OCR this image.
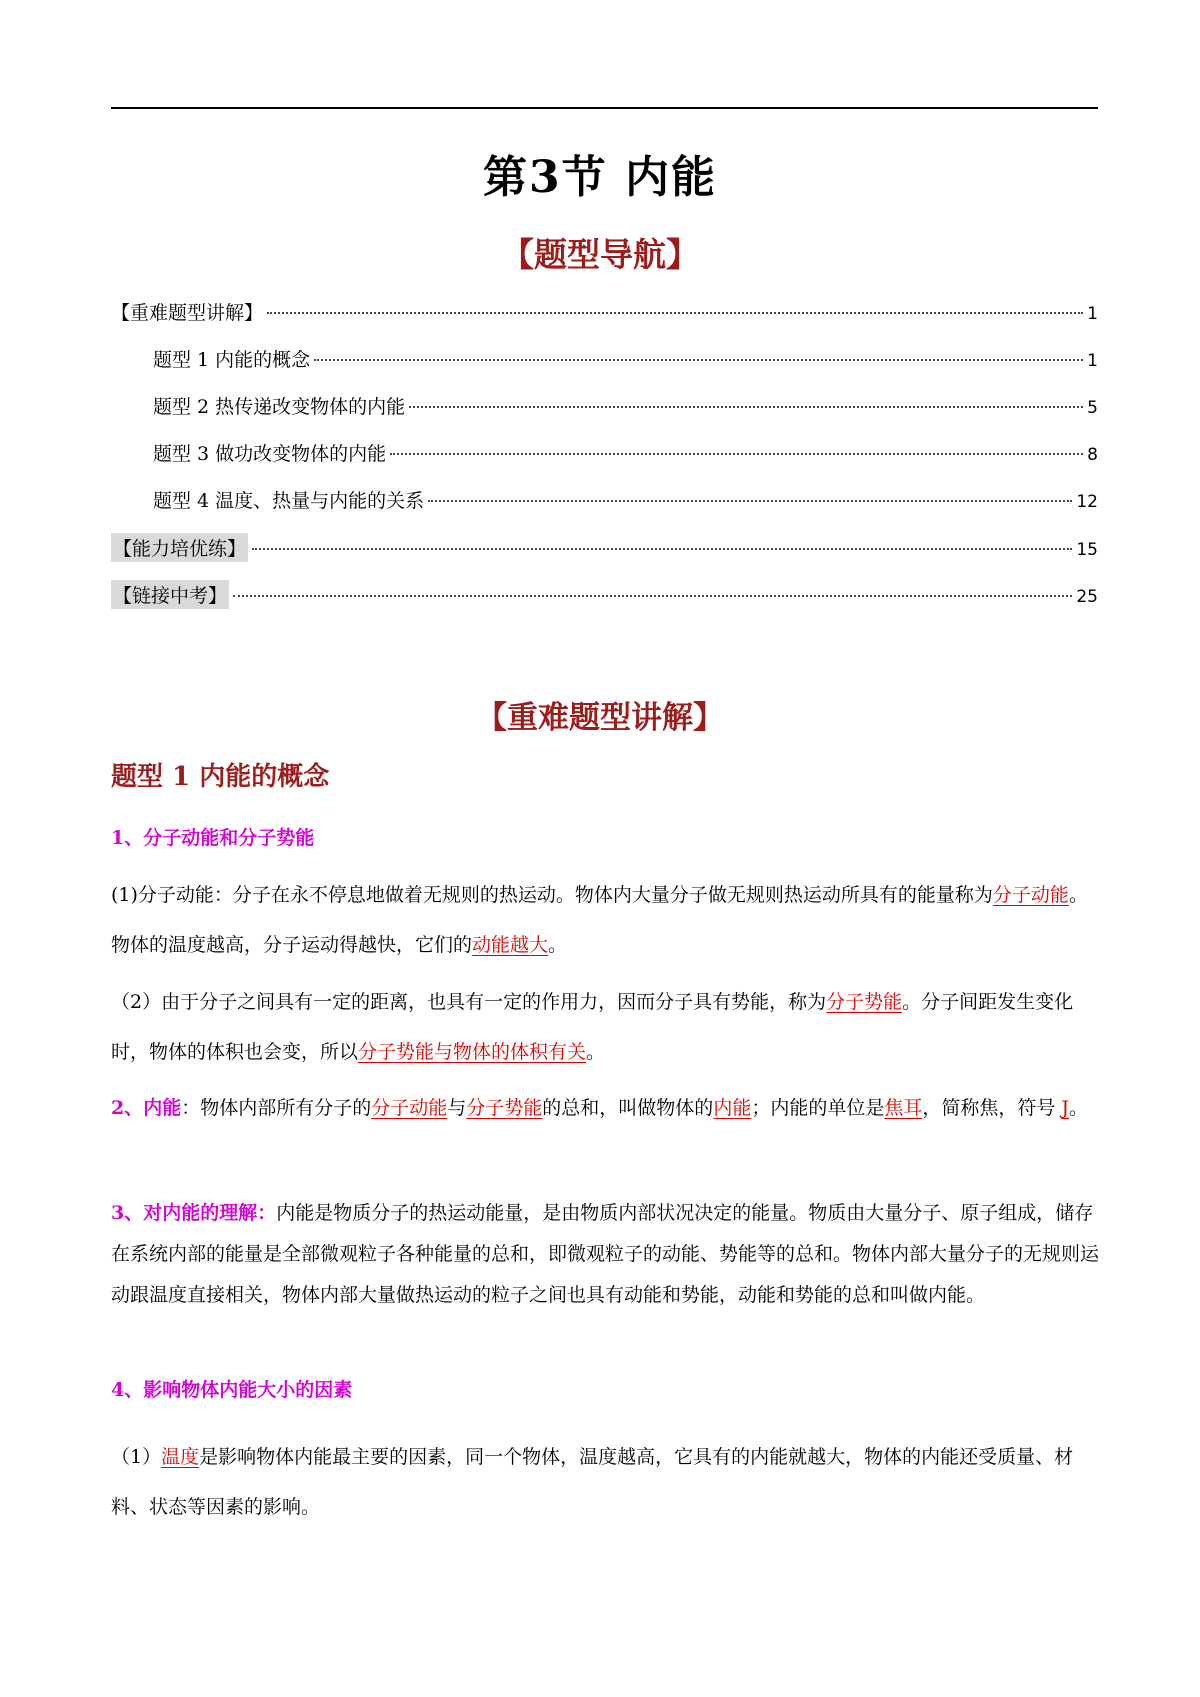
第3节 内能
【题型导航】
【重难题型讲解】	1
题型 1 内能的概念	1
题型 2 热传递改变物体的内能	5
题型 3 做功改变物体的内能	8
题型 4 温度、热量与内能的关系	12
【能力培优练】	15
【链接中考】	25
【重难题型讲解】
题型 1 内能的概念
1、分子动能和分子势能

(1)分子动能：分子在永不停息地做着无规则的热运动。物体内大量分子做无规则热运动所具有的能量称为分子动能。物体的温度越高，分子运动得越快，它们的动能越大。

（2）由于分子之间具有一定的距离，也具有一定的作用力，因而分子具有势能，称为分子势能。分子间距发生变化时，物体的体积也会变，所以分子势能与物体的体积有关。

2、内能：物体内部所有分子的分子动能与分子势能的总和，叫做物体的内能；内能的单位是焦耳，简称焦，符号 J。

3、对内能的理解：内能是物质分子的热运动能量，是由物质内部状况决定的能量。物质由大量分子、原子组成，储存在系统内部的能量是全部微观粒子各种能量的总和，即微观粒子的动能、势能等的总和。物体内部大量分子的无规则运动跟温度直接相关，物体内部大量做热运动的粒子之间也具有动能和势能，动能和势能的总和叫做内能。

4、影响物体内能大小的因素

（1）温度是影响物体内能最主要的因素，同一个物体，温度越高，它具有的内能就越大，物体的内能还受质量、材料、状态等因素的影响。
